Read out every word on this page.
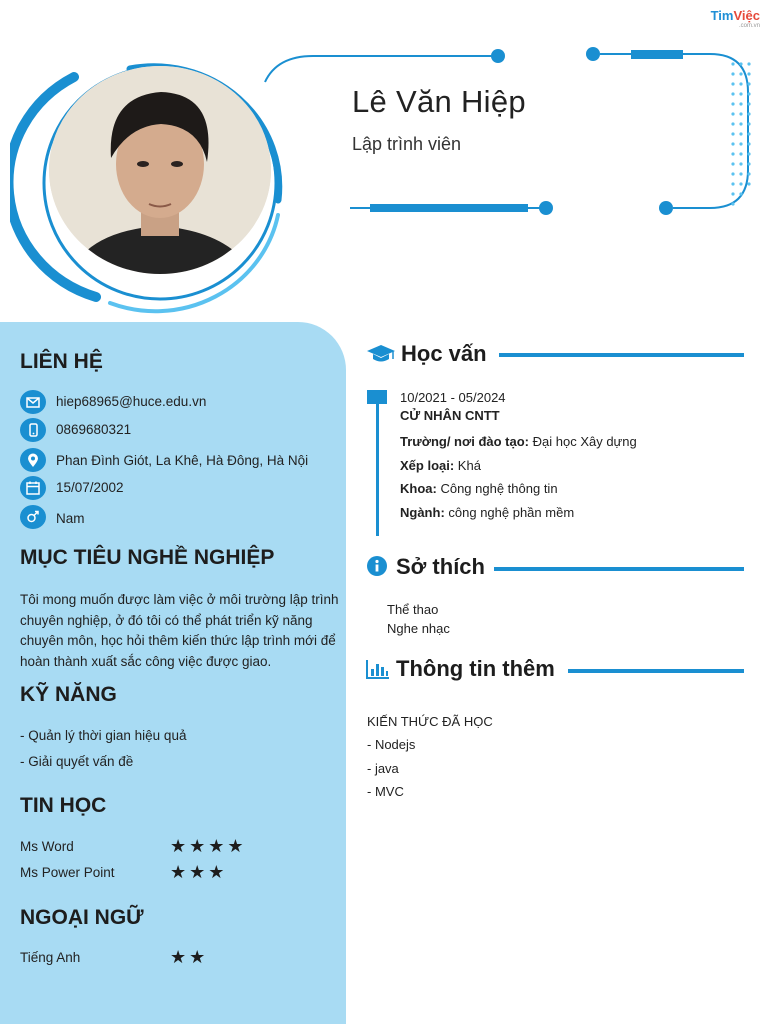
TimViệc
.com.vn
Lê Văn Hiệp
Lập trình viên
LIÊN HỆ
hiep68965@huce.edu.vn
0869680321
Phan Đình Giót, La Khê, Hà Đông, Hà Nội
15/07/2002
Nam
MỤC TIÊU NGHỀ NGHIỆP
Tôi mong muốn được làm việc ở môi trường lập trình chuyên nghiệp, ở đó tôi có thể phát triển kỹ năng chuyên môn, học hỏi thêm kiến thức lập trình mới để hoàn thành xuất sắc công việc được giao.
KỸ NĂNG
- Quản lý thời gian hiệu quả
- Giải quyết vấn đề
TIN HỌC
Ms Word	★★★★
Ms Power Point	★★★
NGOẠI NGỮ
Tiếng Anh	★★
Học vấn
10/2021 - 05/2024
CỬ NHÂN CNTT
Trường/ nơi đào tạo: Đại học Xây dựng
Xếp loại: Khá
Khoa: Công nghệ thông tin
Ngành: công nghệ phần mềm
Sở thích
Thể thao
Nghe nhạc
Thông tin thêm
KIẾN THỨC ĐÃ HỌC
- Nodejs
- java
- MVC
